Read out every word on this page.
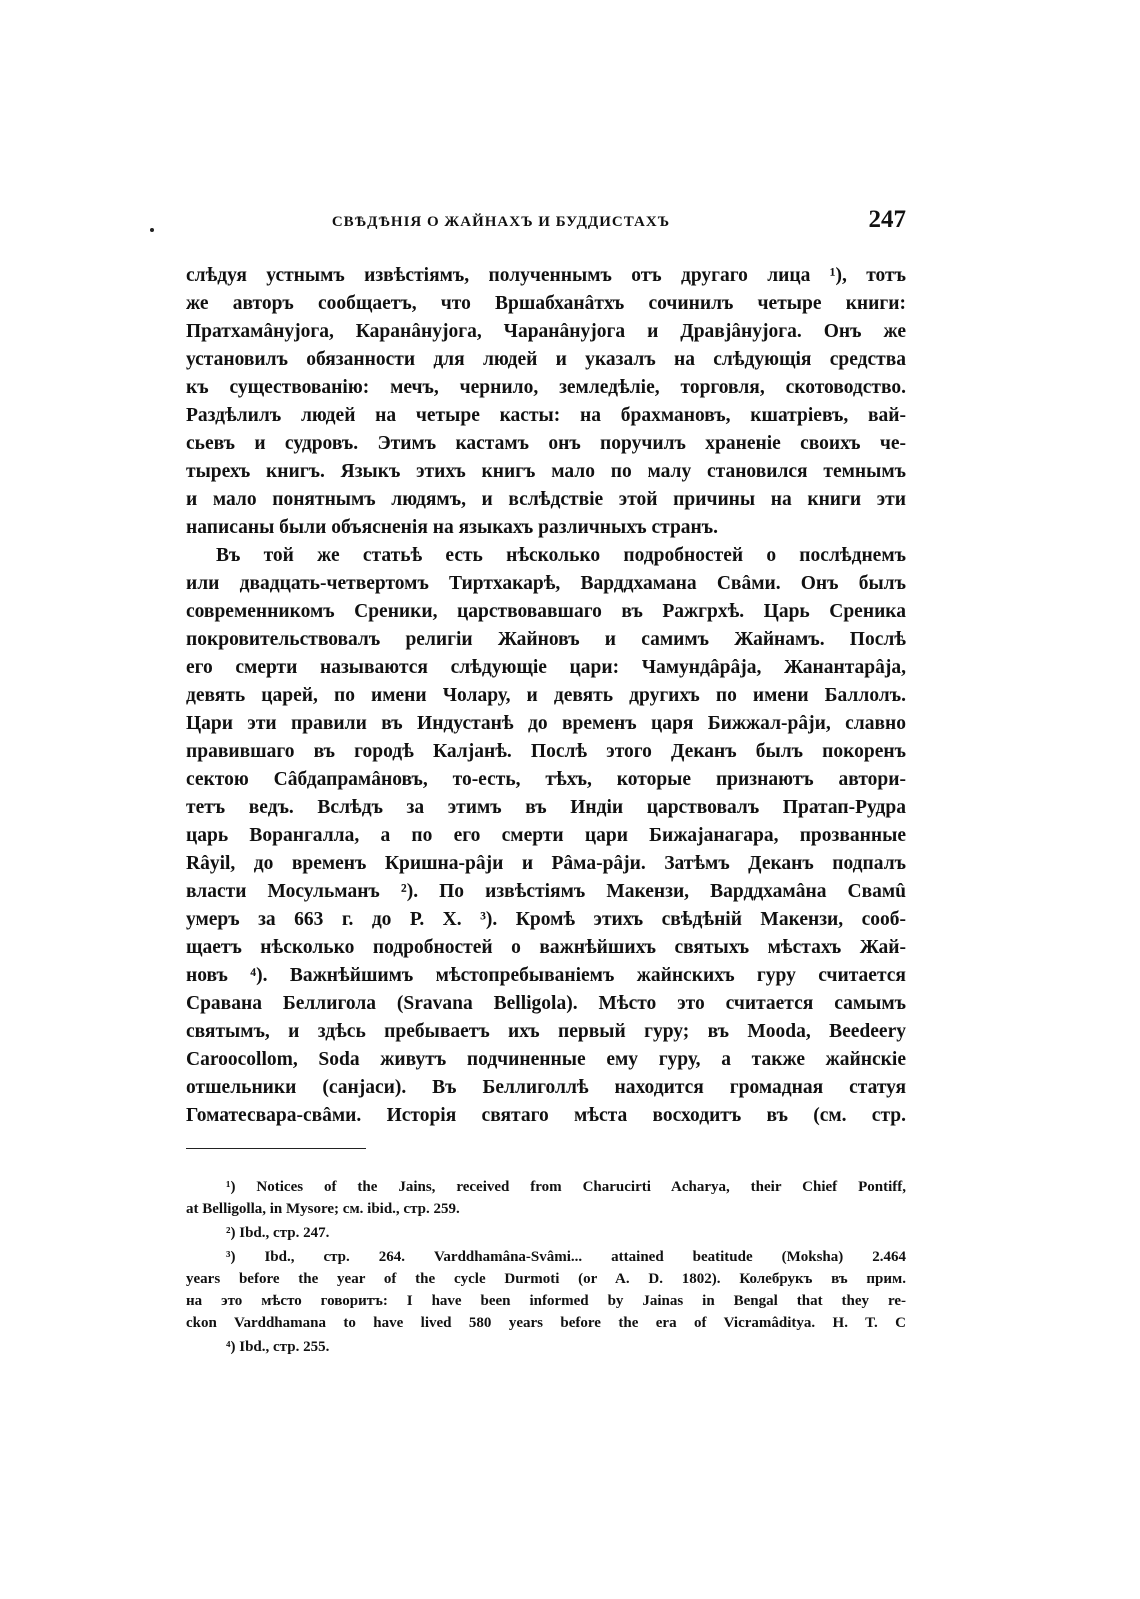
СВѢДѢНІЯ О ЖАЙНАХЪ И БУДДИСТАХЪ	247
слѣдуя устнымъ извѣстіямъ, полученнымъ отъ другаго лица ¹), тотъ
же авторъ сообщаетъ, что Вршабханâтхъ сочинилъ четыре книги:
Пратхамâнуjога, Каранâнуjога, Чаранâнуjога и Дравjâнуjога. Онъ же
установилъ обязанности для людей и указалъ на слѣдующія средства
къ существованію: мечъ, чернило, земледѣліе, торговля, скотоводство.
Раздѣлилъ людей на четыре касты: на брахмановъ, кшатріевъ, вай-
сьевъ и судровъ. Этимъ кастамъ онъ поручилъ храненіе своихъ че-
тырехъ книгъ. Языкъ этихъ книгъ мало по малу становился темнымъ
и мало понятнымъ людямъ, и вслѣдствіе этой причины на книги эти
написаны были объясненія на языкахъ различныхъ странъ.
Въ той же статьѣ есть нѣсколько подробностей о послѣднемъ
или двадцать-четвертомъ Тиртхакарѣ, Варддхамана Свâми. Онъ былъ
современникомъ Среники, царствовавшаго въ Ражгрхѣ. Царь Среника
покровительствовалъ религіи Жайновъ и самимъ Жайнамъ. Послѣ
его смерти называются слѣдующіе цари: Чамундâрâjа, Жанантарâjа,
девять царей, по имени Чолару, и девять другихъ по имени Баллолъ.
Цари эти правили въ Индустанѣ до временъ царя Бижжал-рâjи, славно
правившаго въ городѣ Калjанѣ. Послѣ этого Деканъ былъ покоренъ
сектою Сâбдапрамâновъ, то-есть, тѣхъ, которые признаютъ автори-
тетъ ведъ. Вслѣдъ за этимъ въ Индіи царствовалъ Пратап-Рудра
царь Ворангалла, а по его смерти цари Бижаjанагара, прозванные
Râyil, до временъ Кришна-рâjи и Рâма-рâjи. Затѣмъ Деканъ подпалъ
власти Мосульманъ ²). По извѣстіямъ Макензи, Варддхамâна Свамû
умеръ за 663 г. до Р. Х. ³). Кромѣ этихъ свѣдѣній Макензи, сооб-
щаетъ нѣсколько подробностей о важнѣйшихъ святыхъ мѣстахъ Жай-
новъ ⁴). Важнѣйшимъ мѣстопребываніемъ жайнскихъ гуру считается
Сравана Беллигола (Sravana Belligola). Мѣсто это считается самымъ
святымъ, и здѣсь пребываетъ ихъ первый гуру; въ Mooda, Beedeery
Caroocollom, Soda живутъ подчиненные ему гуру, а также жайнскіе
отшельники (санjаси). Въ Беллиголлѣ находится громадная статуя
Гоматесвара-свâми. Исторія святаго мѣста восходитъ въ (см. стр.
¹) Notices of the Jains, received from Charucirti Acharya, their Chief Pontiff,
at Belligolla, in Mysore; см. ibid., стр. 259.
²) Ibd., стр. 247.
³) Ibd., стр. 264. Varddhamâna-Svâmi... attained beatitude (Moksha) 2.464
years before the year of the cycle Durmoti (or A. D. 1802). Колебрукъ въ прим.
на это мѣсто говоритъ: I have been informed by Jainas in Bengal that they re-
ckon Varddhamana to have lived 580 years before the era of Vicramâditya. H. T. C
⁴) Ibd., стр. 255.
